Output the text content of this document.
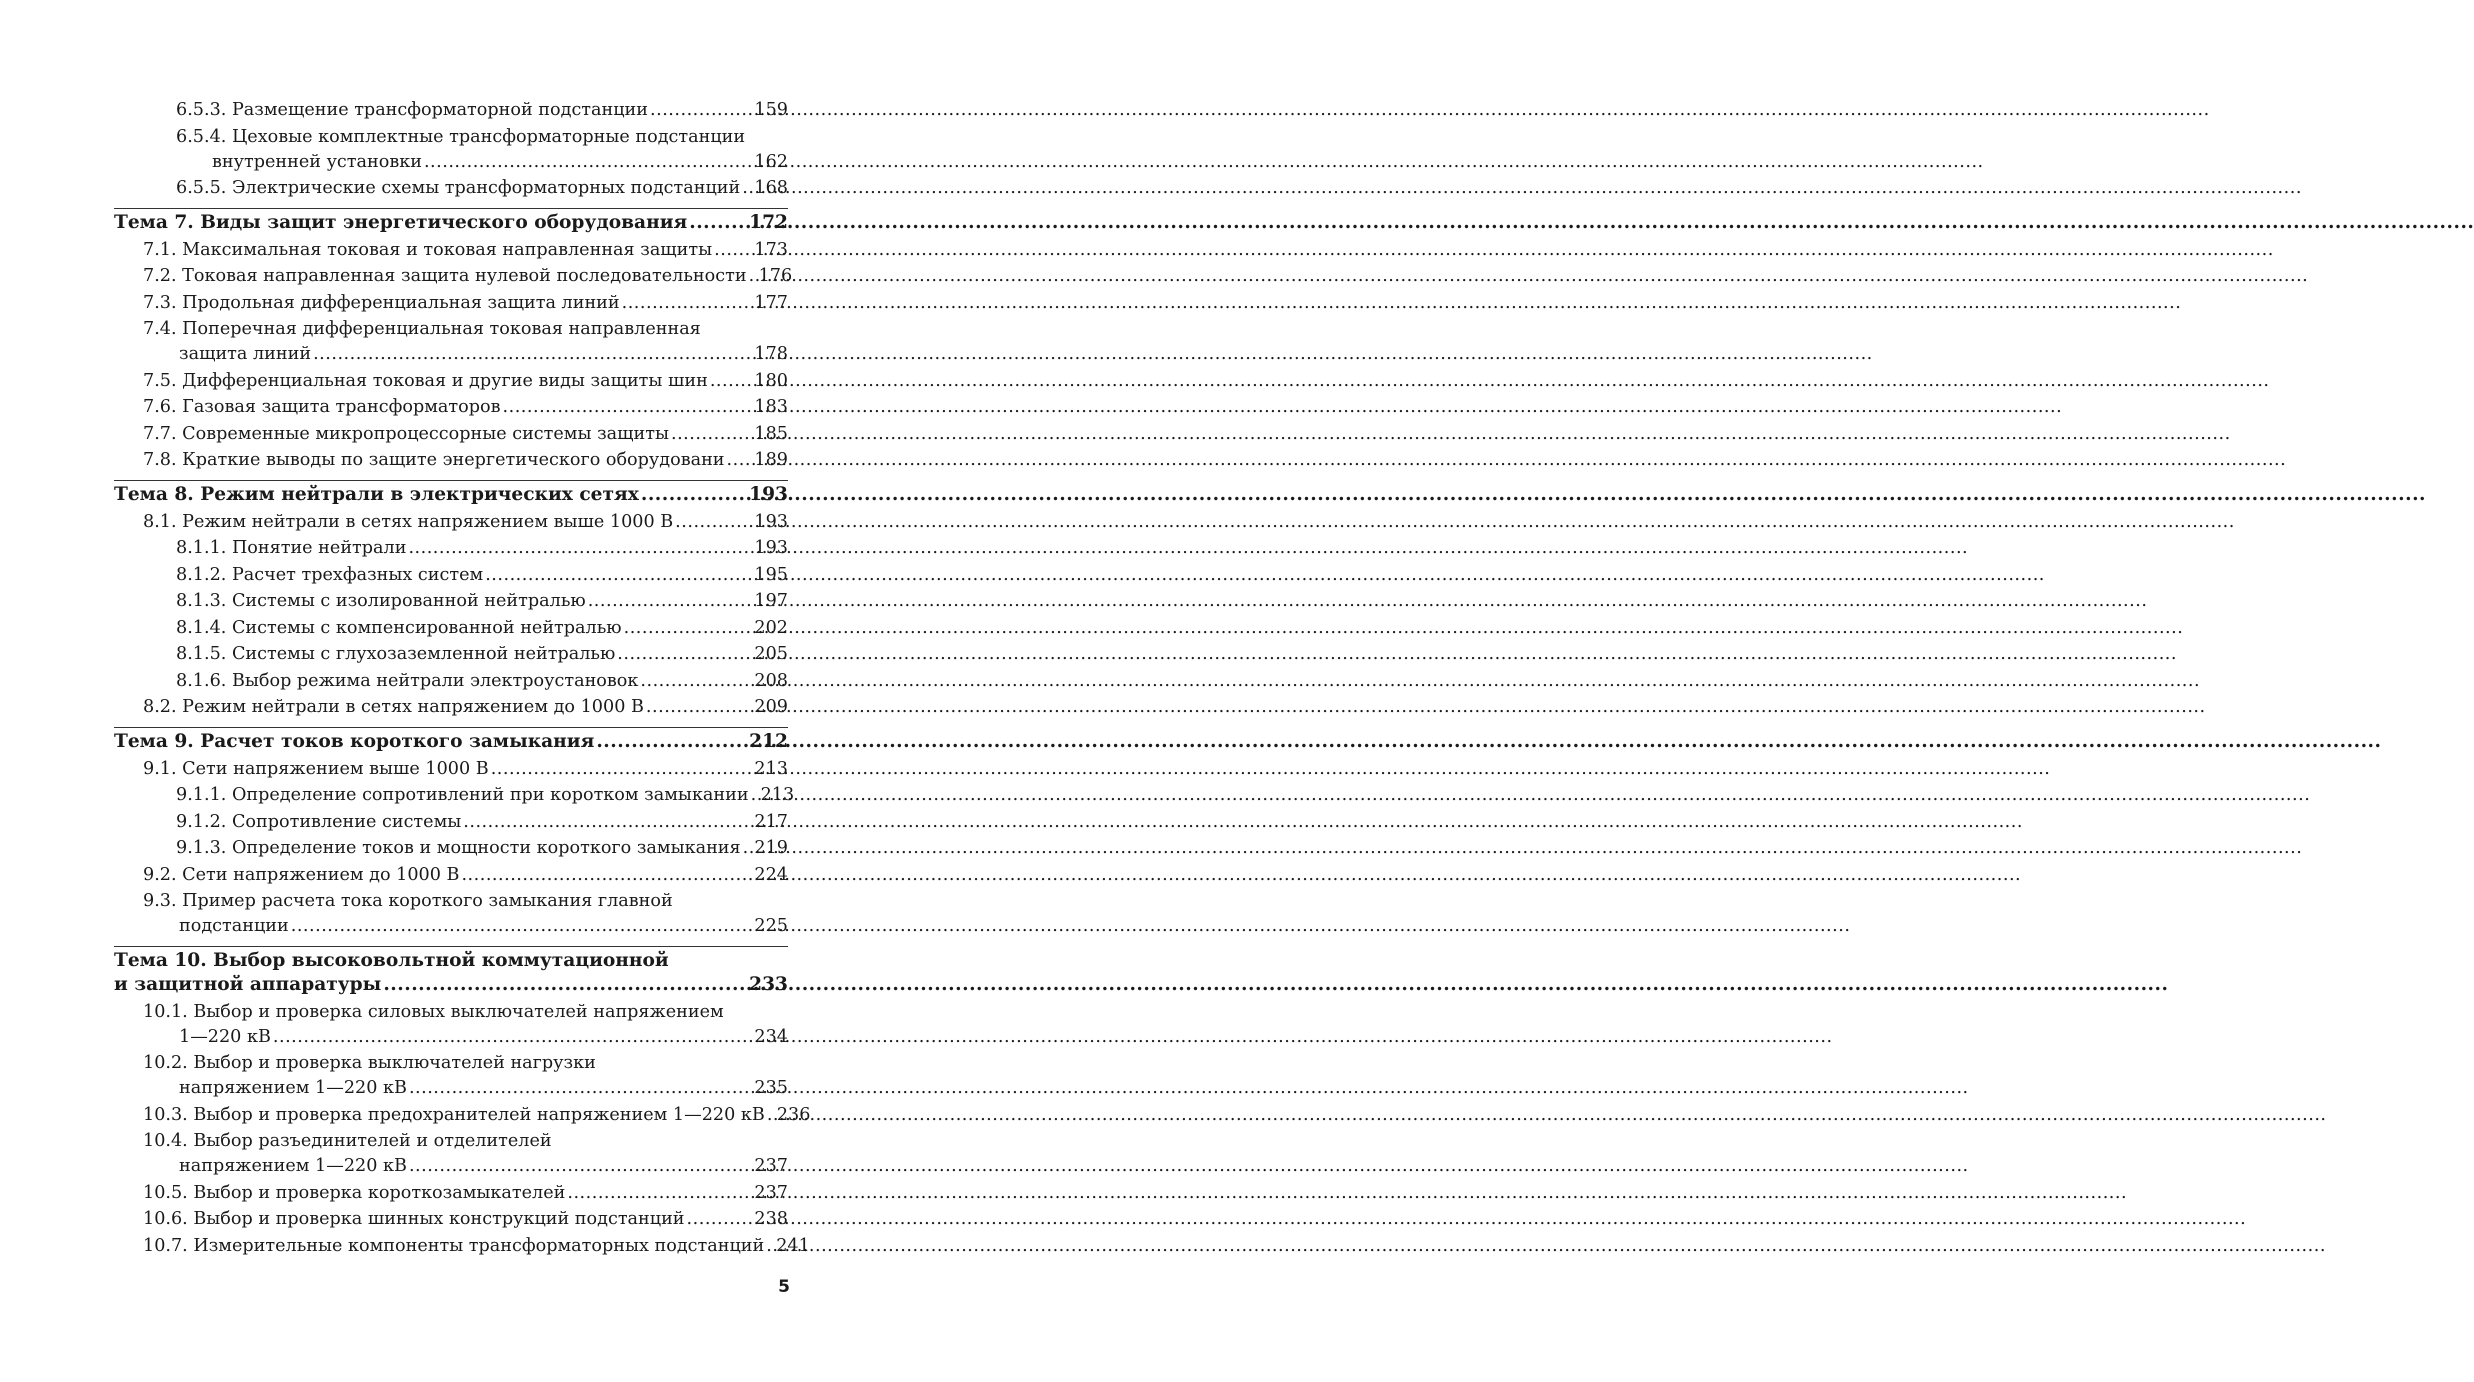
6.5.3. Размещение трансформаторной подстанции .....	159
6.5.4. Цеховые комплектные трансформаторные подстанции
внутренней установки .....	162
6.5.5. Электрические схемы трансформаторных подстанций ..... 168
Тема 7. Виды защит энергетического оборудования .....	172
7.1. Максимальная токовая и токовая направленная защиты ..... 173
7.2. Токовая направленная защита нулевой последовательности ..... 176
7.3. Продольная дифференциальная защита линий .....	177
7.4. Поперечная дифференциальная токовая направленная
защита линий .....	178
7.5. Дифференциальная токовая и другие виды защиты шин .....	180
7.6. Газовая защита трансформаторов .....	183
7.7. Современные микропроцессорные системы защиты .....	185
7.8. Краткие выводы по защите энергетического оборудовани ..... 189
Тема 8. Режим нейтрали в электрических сетях .....	193
8.1. Режим нейтрали в сетях напряжением выше 1000 В .....	193
8.1.1. Понятие нейтрали .....	193
8.1.2. Расчет трехфазных систем .....	195
8.1.3. Системы с изолированной нейтралью .....	197
8.1.4. Системы с компенсированной нейтралью .....	202
8.1.5. Системы с глухозаземленной нейтралью .....	205
8.1.6. Выбор режима нейтрали электроустановок .....	208
8.2. Режим нейтрали в сетях напряжением до 1000 В .....	209
Тема 9. Расчет токов короткого замыкания .....	212
9.1. Сети напряжением выше 1000 В .....	213
9.1.1. Определение сопротивлений при коротком замыкании ..... 213
9.1.2. Сопротивление системы .....	217
9.1.3. Определение токов и мощности короткого замыкания ..... 219
9.2. Сети напряжением до 1000 В .....	224
9.3. Пример расчета тока короткого замыкания главной
подстанции .....	225
Тема 10. Выбор высоковольтной коммутационной
и защитной аппаратуры .....	233
10.1. Выбор и проверка силовых выключателей напряжением
1—220 кВ .....	234
10.2. Выбор и проверка выключателей нагрузки
напряжением 1—220 кВ .....	235
10.3. Выбор и проверка предохранителей напряжением 1—220 кВ ..... 236
10.4. Выбор разъединителей и отделителей
напряжением 1—220 кВ .....	237
10.5. Выбор и проверка короткозамыкателей .....	237
10.6. Выбор и проверка шинных конструкций подстанций .....	238
10.7. Измерительные компоненты трансформаторных подстанций ..... 241
5
